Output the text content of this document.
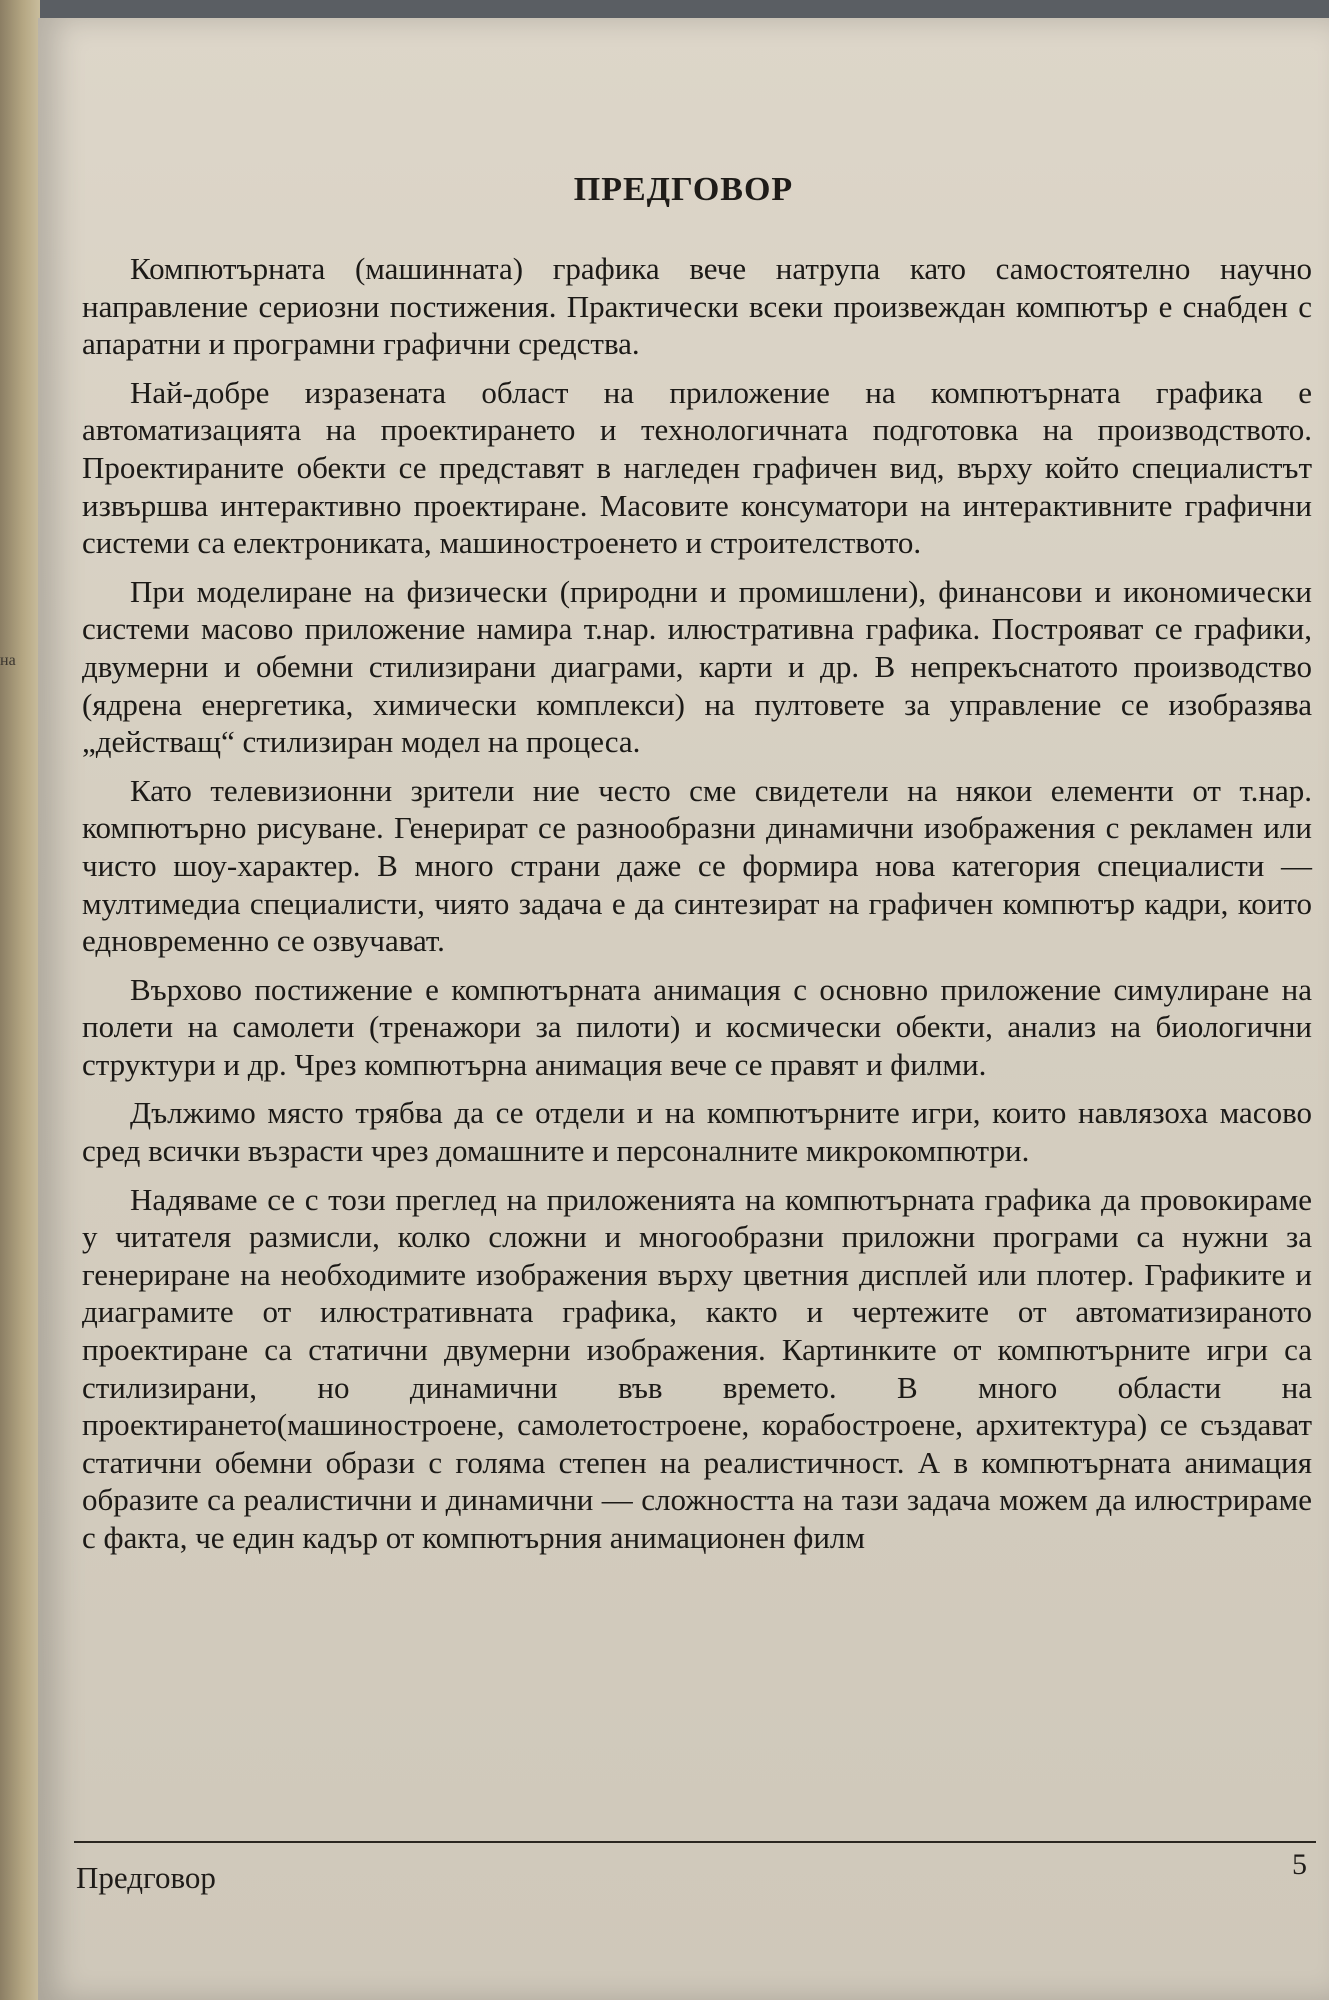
ПРЕДГОВОР

Компютърната (машинната) графика вече натрупа като самостоятелно научно направление сериозни постижения. Практически всеки произвеждан компютър е снабден с апаратни и програмни графични средства.

Най-добре изразената област на приложение на компютърната графика е автоматизацията на проектирането и технологичната подготовка на производството. Проектираните обекти се представят в нагледен графичен вид, върху който специалистът извършва интерактивно проектиране. Масовите консуматори на интерактивните графични системи са електрониката, машиностроенето и строителството.

При моделиране на физически (природни и промишлени), финансови и икономически системи масово приложение намира т.нар. илюстративна графика. Построяват се графики, двумерни и обемни стилизирани диаграми, карти и др. В непрекъснатото производство (ядрена енергетика, химически комплекси) на пултовете за управление се изобразява „действащ“ стилизиран модел на процеса.

Като телевизионни зрители ние често сме свидетели на някои елементи от т.нар. компютърно рисуване. Генерират се разнообразни динамични изображения с рекламен или чисто шоу-характер. В много страни даже се формира нова категория специалисти — мултимедиа специалисти, чиято задача е да синтезират на графичен компютър кадри, които едновременно се озвучават.

Върхово постижение е компютърната анимация с основно приложение симулиране на полети на самолети (тренажори за пилоти) и космически обекти, анализ на биологични структури и др. Чрез компютърна анимация вече се правят и филми.

Дължимо място трябва да се отдели и на компютърните игри, които навлязоха масово сред всички възрасти чрез домашните и персоналните микрокомпютри.

Надяваме се с този преглед на приложенията на компютърната графика да провокираме у читателя размисли, колко сложни и многообразни приложни програми са нужни за генериране на необходимите изображения върху цветния дисплей или плотер. Графиките и диаграмите от илюстративната графика, както и чертежите от автоматизираното проектиране са статични двумерни изображения. Картинките от компютърните игри са стилизирани, но динамични във времето. В много области на проектирането(машиностроене, самолетостроене, корабостроене, архитектура) се създават статични обемни образи с голяма степен на реалистичност. А в компютърната анимация образите са реалистични и динамични — сложността на тази задача можем да илюстрираме с факта, че един кадър от компютърния анимационен филм

Предговор	5
на
